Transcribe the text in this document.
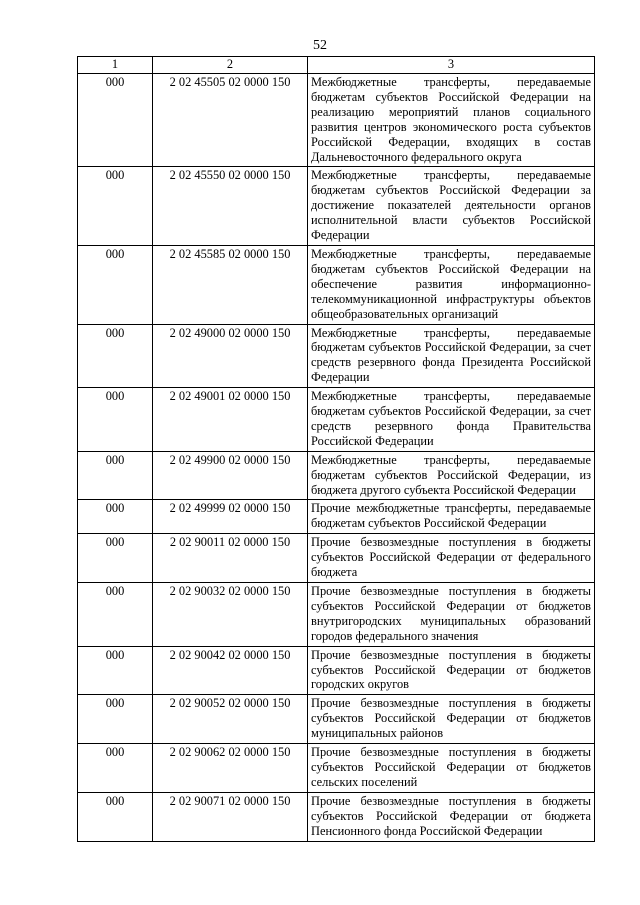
52
1	2	3
000	2 02 45505 02 0000 150	Межбюджетные трансферты, передаваемые бюджетам субъектов Российской Федерации на реализацию мероприятий планов социального развития центров экономического роста субъектов Российской Федерации, входящих в состав Дальневосточного федерального округа
000	2 02 45550 02 0000 150	Межбюджетные трансферты, передаваемые бюджетам субъектов Российской Федерации за достижение показателей деятельности органов исполнительной власти субъектов Российской Федерации
000	2 02 45585 02 0000 150	Межбюджетные трансферты, передаваемые бюджетам субъектов Российской Федерации на обеспечение развития информационно-телекоммуникационной инфраструктуры объектов общеобразовательных организаций
000	2 02 49000 02 0000 150	Межбюджетные трансферты, передаваемые бюджетам субъектов Российской Федерации, за счет средств резервного фонда Президента Российской Федерации
000	2 02 49001 02 0000 150	Межбюджетные трансферты, передаваемые бюджетам субъектов Российской Федерации, за счет средств резервного фонда Правительства Российской Федерации
000	2 02 49900 02 0000 150	Межбюджетные трансферты, передаваемые бюджетам субъектов Российской Федерации, из бюджета другого субъекта Российской Федерации
000	2 02 49999 02 0000 150	Прочие межбюджетные трансферты, передаваемые бюджетам субъектов Российской Федерации
000	2 02 90011 02 0000 150	Прочие безвозмездные поступления в бюджеты субъектов Российской Федерации от федерального бюджета
000	2 02 90032 02 0000 150	Прочие безвозмездные поступления в бюджеты субъектов Российской Федерации от бюджетов внутригородских муниципальных образований городов федерального значения
000	2 02 90042 02 0000 150	Прочие безвозмездные поступления в бюджеты субъектов Российской Федерации от бюджетов городских округов
000	2 02 90052 02 0000 150	Прочие безвозмездные поступления в бюджеты субъектов Российской Федерации от бюджетов муниципальных районов
000	2 02 90062 02 0000 150	Прочие безвозмездные поступления в бюджеты субъектов Российской Федерации от бюджетов сельских поселений
000	2 02 90071 02 0000 150	Прочие безвозмездные поступления в бюджеты субъектов Российской Федерации от бюджета Пенсионного фонда Российской Федерации
